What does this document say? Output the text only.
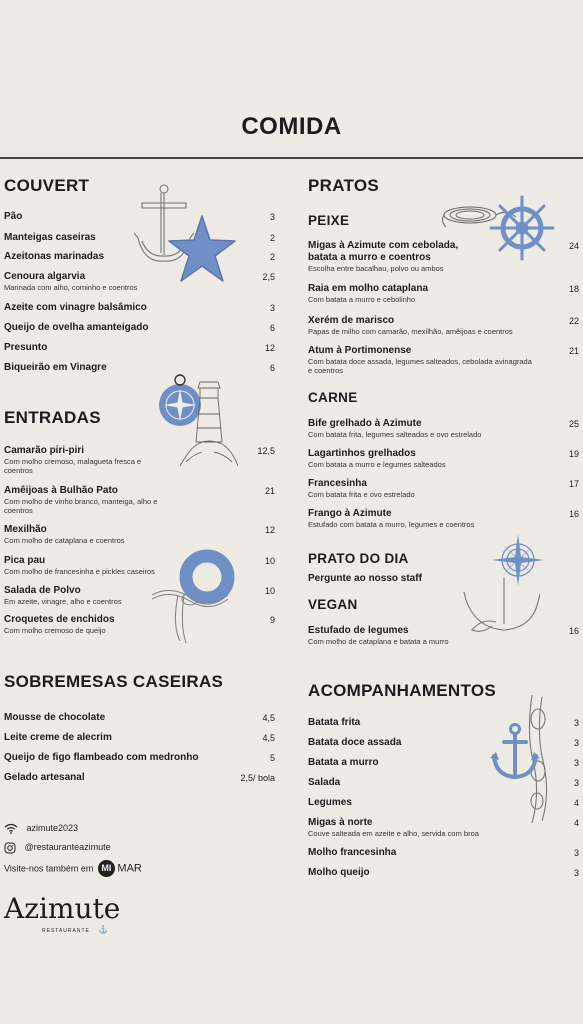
COMIDA
COUVERT
Pão	3
Manteigas caseiras	2
Azeitonas marinadas	2
Cenoura algarvia
Marinada com alho, cominho e coentros
2,5
Azeite com vinagre balsâmico	3
Queijo de ovelha amanteigado	6
Presunto	12
Biqueirão em Vinagre	6
ENTRADAS
Camarão piri-piri
Com molho cremoso, malagueta fresca e coentros
12,5
Amêijoas à Bulhão Pato
Com molho de vinho branco, manteiga, alho e coentros
21
Mexilhão
Com molho de cataplana e coentros
12
Pica pau
Com molho de francesinha e pickles caseiros
10
Salada de Polvo
Em azeite, vinagre, alho e coentros
10
Croquetes de enchidos
Com molho cremoso de queijo
9
SOBREMESAS CASEIRAS
Mousse de chocolate	4,5
Leite creme de alecrim	4,5
Queijo de figo flambeado com medronho	5
Gelado artesanal	2,5/ bola
PRATOS
PEIXE
Migas à Azimute com cebolada, batata a murro e coentros
Escolha entre bacalhau, polvo ou ambos
24
Raia em molho cataplana
Com batata a murro e cebolinho
18
Xerém de marisco
Papas de milho com camarão, mexilhão, amêijoas e coentros
22
Atum à Portimonense
Com batata doce assada, legumes salteados, cebolada avinagrada e coentros
21
CARNE
Bife grelhado à Azimute
Com batata frita, legumes salteados e ovo estrelado
25
Lagartinhos grelhados
Com batata a murro e legumes salteados
19
Francesinha
Com batata frita e ovo estrelado
17
Frango à Azimute
Estufado com batata a murro, legumes e coentros
16
PRATO DO DIA
Pergunte ao nosso staff
VEGAN
Estufado de legumes
Com molho de cataplana e batata a murro
16
ACOMPANHAMENTOS
Batata frita	3
Batata doce assada	3
Batata a murro	3
Salada	3
Legumes	4
Migas à norte
Couve salteada em azeite e alho, servida com broa
4
Molho francesinha	3
Molho queijo	3
azimute2023
@restauranteazimute
Visite-nos também em MI MAR
Azimute
RESTAURANTE ⚓
